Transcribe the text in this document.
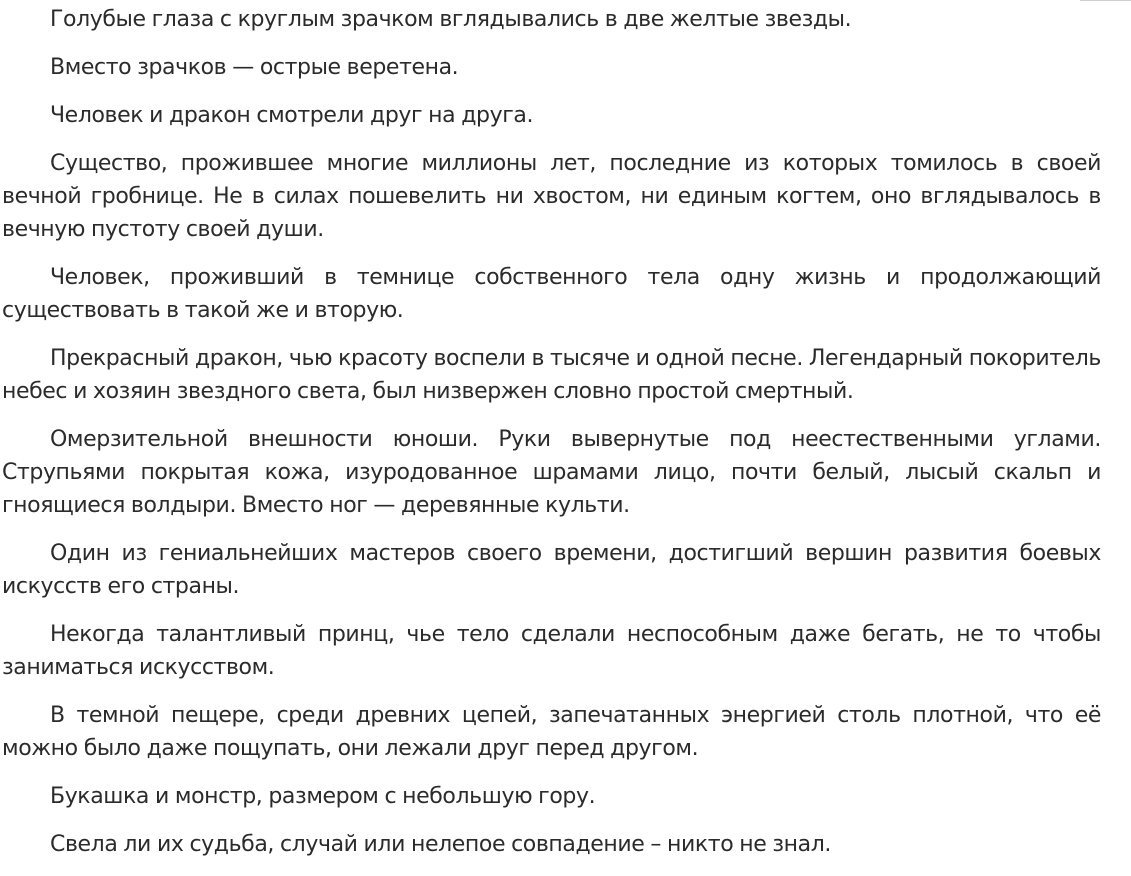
Голубые глаза с круглым зрачком вглядывались в две желтые звезды.

Вместо зрачков — острые веретена.

Человек и дракон смотрели друг на друга.

Существо, прожившее многие миллионы лет, последние из которых томилось в своей вечной гробнице. Не в силах пошевелить ни хвостом, ни единым когтем, оно вглядывалось в вечную пустоту своей души.

Человек, проживший в темнице собственного тела одну жизнь и продолжающий существовать в такой же и вторую.

Прекрасный дракон, чью красоту воспели в тысяче и одной песне. Легендарный покоритель небес и хозяин звездного света, был низвержен словно простой смертный.

Омерзительной внешности юноши. Руки вывернутые под неестественными углами. Струпьями покрытая кожа, изуродованное шрамами лицо, почти белый, лысый скальп и гноящиеся волдыри. Вместо ног — деревянные культи.

Один из гениальнейших мастеров своего времени, достигший вершин развития боевых искусств его страны.

Некогда талантливый принц, чье тело сделали неспособным даже бегать, не то чтобы заниматься искусством.

В темной пещере, среди древних цепей, запечатанных энергией столь плотной, что её можно было даже пощупать, они лежали друг перед другом.

Букашка и монстр, размером с небольшую гору.

Свела ли их судьба, случай или нелепое совпадение – никто не знал.
